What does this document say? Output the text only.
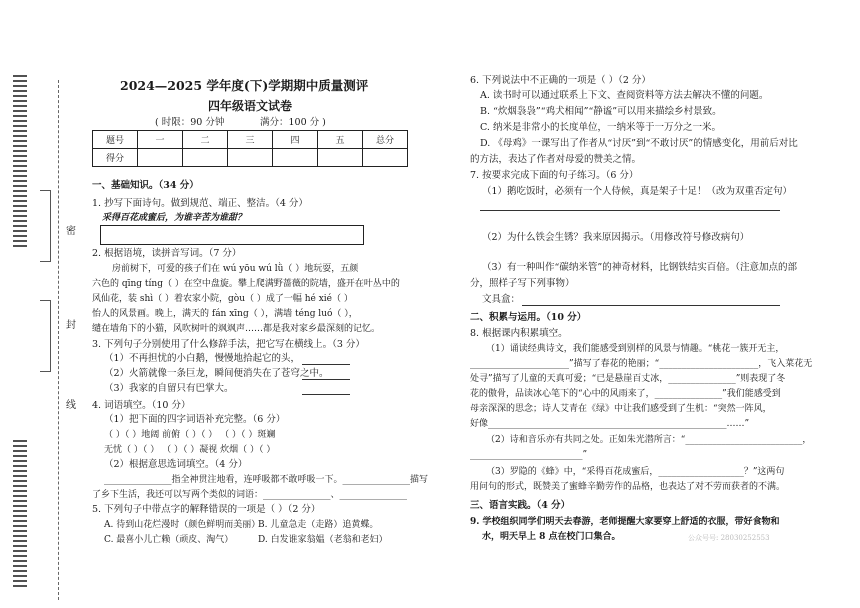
密
封
线
2024—2025 学年度(下)学期期中质量测评
四年级语文试卷
( 时限：90 分钟	满分：100 分 )
题号	一	二	三	四	五	总分
得分						
一、基础知识。（34 分）
1. 抄写下面诗句。做到规范、端正、整洁。（4 分）
采得百花成蜜后，为谁辛苦为谁甜？
2. 根据语境，读拼音写词。（7 分）
房前树下，可爱的孩子们在 wú yōu wú lǜ（ ）地玩耍，五颜
六色的 qīng tíng（ ）在空中盘旋。攀上爬满野蔷薇的院墙，盛开在叶丛中的
风仙花，装 shì（ ）着农家小院，gòu（ ）成了一幅 hé xié（ ）
怡人的风景画。晚上，满天的 fán xīng（ ），满墙 téng luó（ ），
缱在墙角下的小猫，风吹树叶的飒飒声……都是我对家乡最深刻的记忆。
3. 下列句子分别使用了什么修辞手法，把它写在横线上。（3 分）
（1）不再担忧的小白鹅，慢慢地拾起它的头，
（2）火箭就像一条巨龙，瞬间便消失在了苍穹之中。
（3）我家的自留只有巴掌大。
4. 词语填空。（10 分）
（1）把下面的四字词语补充完整。（6 分）
（ ）（ ）地阔 前俯（ ）（ ） （ ）（ ）斑斓
无忧（ ）（ ） （ ）（ ）凝视 炊烟（ ）（ ）
（2）根据意思选词填空。（4 分）
_______________指全神贯注地看，连呼吸都不敢呼吸一下。_______________描写
了乡下生活，我还可以写两个类似的词语：_______________、_______________
5. 下列句子中带点字的解释错误的一项是（ ）（2 分）
A. 待到山花烂漫时（颜色鲜明而美丽）
B. 儿童急走（走路）追黄蝶。
C. 最喜小儿亡赖（顽皮、淘气）	D. 白发谁家翁媪（老翁和老妇）
6. 下列说法中不正确的一项是（ ）（2 分）
A. 读书时可以通过联系上下文、查阅资料等方法去解决不懂的问题。
B. “炊烟袅袅”“鸡犬相闻”“静谧”可以用来描绘乡村景致。
C. 纳米是非常小的长度单位，一纳米等于一万分之一米。
D. 《母鸡》一课写出了作者从“讨厌”到“不敢讨厌”的情感变化，用前后对比
的方法，表达了作者对母爱的赞美之情。
7. 按要求完成下面的句子练习。（6 分）
（1）鹅吃饭时，必须有一个人侍候，真是架子十足！（改为双重否定句）
（2）为什么铁会生锈？我来原因揭示。（用修改符号修改病句）
（3）有一种叫作“碳纳米管”的神奇材料，比钢铁结实百倍。（注意加点的部
分，照样子写下列事物）
文具盒：
二、积累与运用。（10 分）
8. 根据课内积累填空。
（1）诵读经典诗文，我们能感受到别样的风景与情趣。“桃花一簇开无主，
______________________”描写了春花的艳丽；“______________________，飞入菜花无
处寻”描写了儿童的天真可爱；“已是悬崖百丈冰，_______________”则表现了冬
花的傲骨，品读冰心笔下的“心中的风雨来了，_______________”我们能感受到
母亲深深的思念；诗人艾青在《绿》中让我们感受到了生机：“突然一阵风，
好像_____________________________________________________……”
（2）诗和音乐亦有共同之处。正如朱光潜所言：“__________________________，
_________________________”
（3）罗隐的《蜂》中，“采得百花成蜜后，___________________？”这两句
用问句的形式，既赞美了蜜蜂辛勤劳作的品格，也表达了对不劳而获者的不满。
三、语言实践。（4 分）
9. 学校组织同学们明天去春游，老师提醒大家要穿上舒适的衣服，带好食物和
水，明天早上 8 点在校门口集合。	公众号号: 28030252553
